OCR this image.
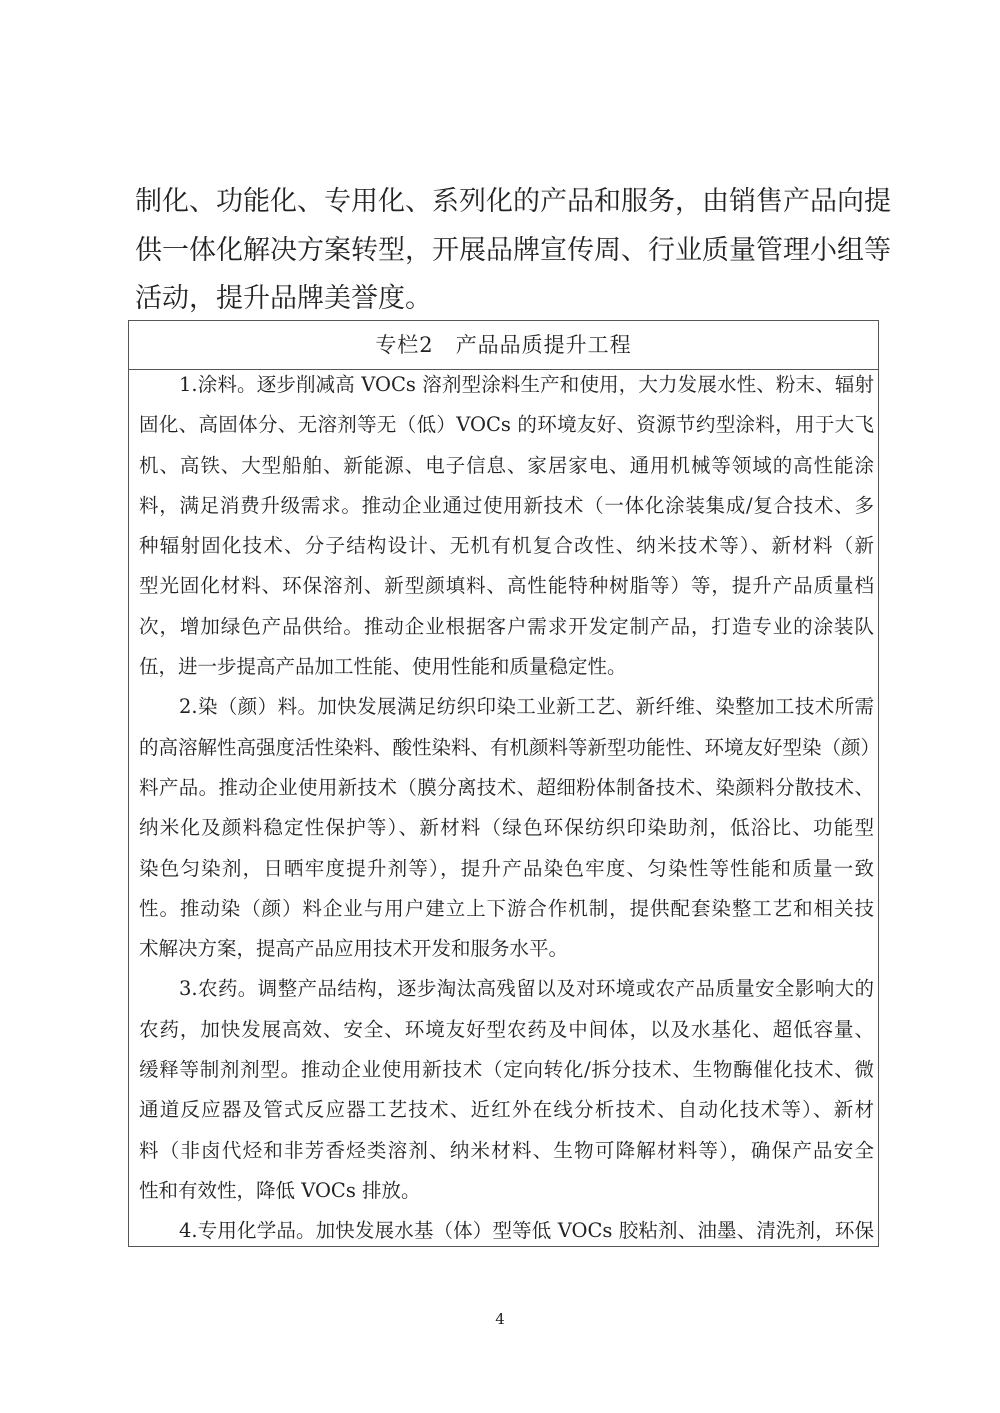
制化、功能化、专用化、系列化的产品和服务，由销售产品向提
供一体化解决方案转型，开展品牌宣传周、行业质量管理小组等
活动，提升品牌美誉度。
专栏2 产品品质提升工程
1.涂料。逐步削减高 VOCs 溶剂型涂料生产和使用，大力发展水性、粉末、辐射
固化、高固体分、无溶剂等无（低）VOCs 的环境友好、资源节约型涂料，用于大飞
机、高铁、大型船舶、新能源、电子信息、家居家电、通用机械等领域的高性能涂
料，满足消费升级需求。推动企业通过使用新技术（一体化涂装集成/复合技术、多
种辐射固化技术、分子结构设计、无机有机复合改性、纳米技术等）、新材料（新
型光固化材料、环保溶剂、新型颜填料、高性能特种树脂等）等，提升产品质量档
次，增加绿色产品供给。推动企业根据客户需求开发定制产品，打造专业的涂装队
伍，进一步提高产品加工性能、使用性能和质量稳定性。
2.染（颜）料。加快发展满足纺织印染工业新工艺、新纤维、染整加工技术所需
的高溶解性高强度活性染料、酸性染料、有机颜料等新型功能性、环境友好型染（颜）
料产品。推动企业使用新技术（膜分离技术、超细粉体制备技术、染颜料分散技术、
纳米化及颜料稳定性保护等）、新材料（绿色环保纺织印染助剂，低浴比、功能型
染色匀染剂，日晒牢度提升剂等），提升产品染色牢度、匀染性等性能和质量一致
性。推动染（颜）料企业与用户建立上下游合作机制，提供配套染整工艺和相关技
术解决方案，提高产品应用技术开发和服务水平。
3.农药。调整产品结构，逐步淘汰高残留以及对环境或农产品质量安全影响大的
农药，加快发展高效、安全、环境友好型农药及中间体，以及水基化、超低容量、
缓释等制剂剂型。推动企业使用新技术（定向转化/拆分技术、生物酶催化技术、微
通道反应器及管式反应器工艺技术、近红外在线分析技术、自动化技术等）、新材
料（非卤代烃和非芳香烃类溶剂、纳米材料、生物可降解材料等），确保产品安全
性和有效性，降低 VOCs 排放。
4.专用化学品。加快发展水基（体）型等低 VOCs 胶粘剂、油墨、清洗剂，环保
4
